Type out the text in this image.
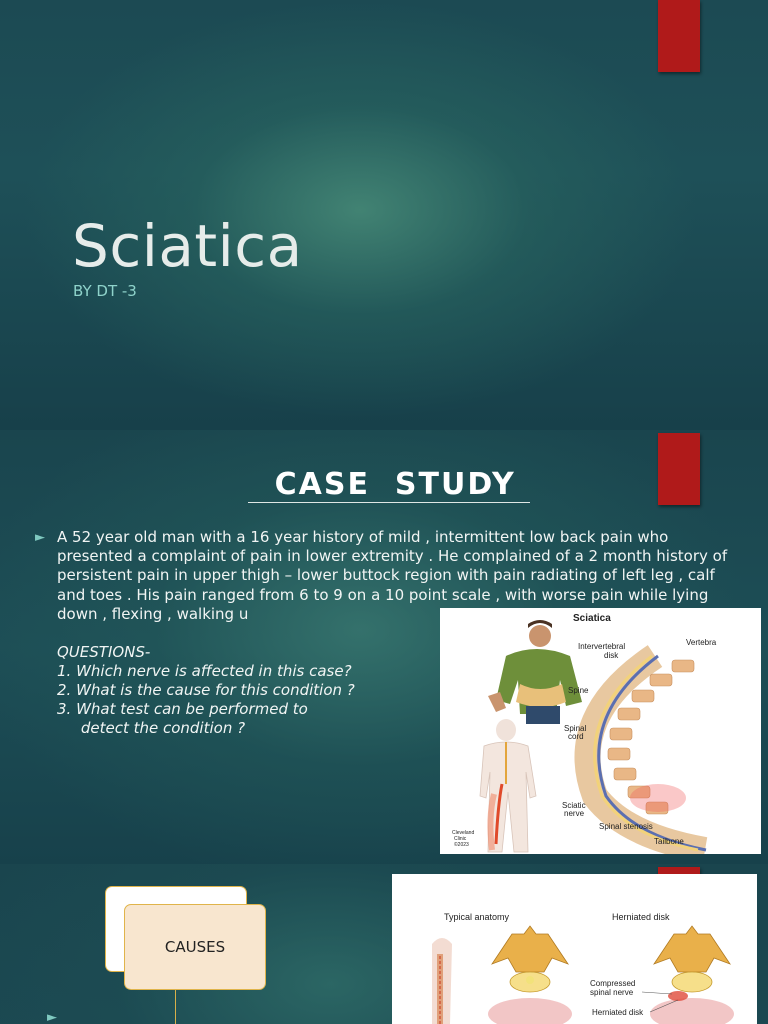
Sciatica
BY DT -3
CASE  STUDY
► A 52 year old man with a 16 year history of mild , intermittent low back pain who presented a complaint of pain in lower extremity . He complained of a 2 month history of persistent pain in upper thigh – lower buttock region with pain radiating of left leg , calf and toes . His pain ranged from 6 to 9 on a 10 point scale , with worse pain while lying down , flexing , walking u
QUESTIONS-
1. Which nerve is affected in this case?
2. What is the cause for this condition ?
3. What test can be performed to
detect the condition ?
Sciatica
Intervertebral
disk
Vertebra
Spine
Spinal
cord
Sciatic
nerve
Spinal stenosis
Tailbone
Cleveland
Clinic
©2023
CAUSES
►
Typical anatomy	Herniated disk
Compressed
spinal nerve
Herniated disk
